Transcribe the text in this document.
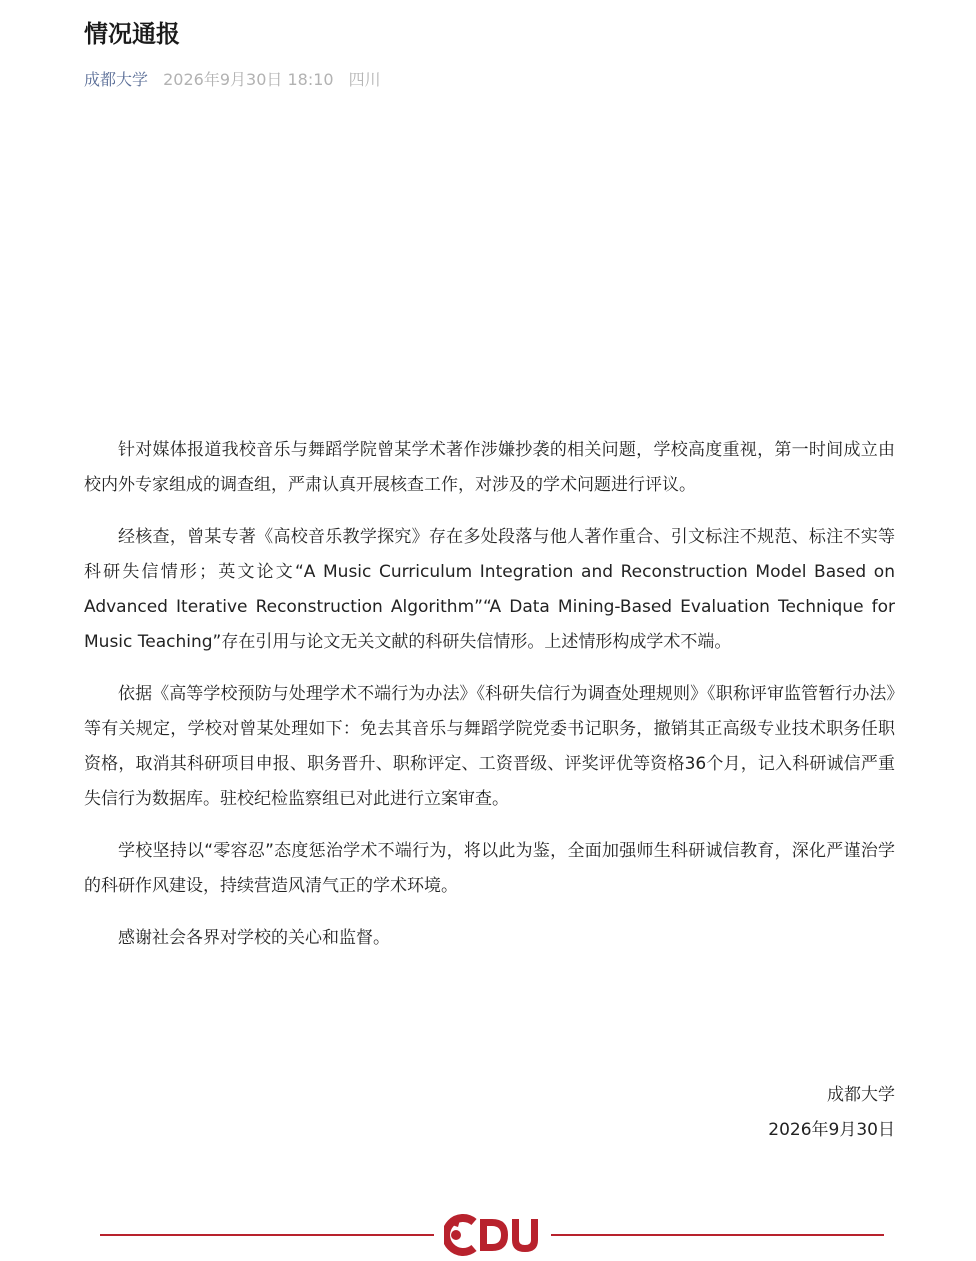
情况通报
成都大学 2026年9月30日 18:10 四川

针对媒体报道我校音乐与舞蹈学院曾某学术著作涉嫌抄袭的相关问题，学校高度重视，第一时间成立由校内外专家组成的调查组，严肃认真开展核查工作，对涉及的学术问题进行评议。

经核查，曾某专著《高校音乐教学探究》存在多处段落与他人著作重合、引文标注不规范、标注不实等科研失信情形；英文论文“A Music Curriculum Integration and Reconstruction Model Based on Advanced Iterative Reconstruction Algorithm”“A Data Mining-Based Evaluation Technique for Music Teaching”存在引用与论文无关文献的科研失信情形。上述情形构成学术不端。

依据《高等学校预防与处理学术不端行为办法》《科研失信行为调查处理规则》《职称评审监管暂行办法》等有关规定，学校对曾某处理如下：免去其音乐与舞蹈学院党委书记职务，撤销其正高级专业技术职务任职资格，取消其科研项目申报、职务晋升、职称评定、工资晋级、评奖评优等资格36个月，记入科研诚信严重失信行为数据库。驻校纪检监察组已对此进行立案审查。

学校坚持以“零容忍”态度惩治学术不端行为，将以此为鉴，全面加强师生科研诚信教育，深化严谨治学的科研作风建设，持续营造风清气正的学术环境。

感谢社会各界对学校的关心和监督。

成都大学
2026年9月30日
